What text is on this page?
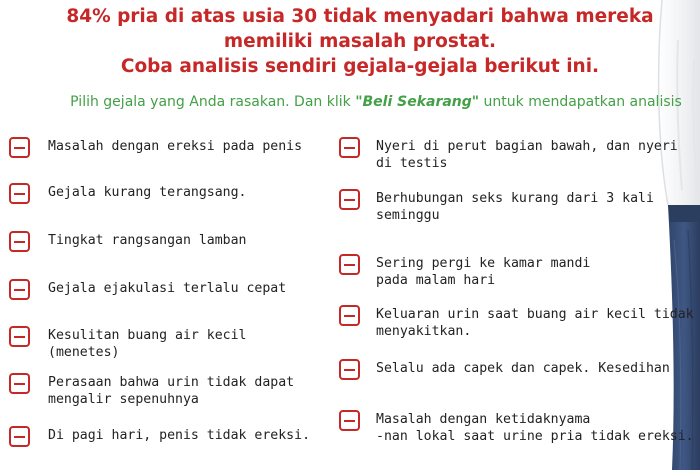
84% pria di atas usia 30 tidak menyadari bahwa mereka
memiliki masalah prostat.
Coba analisis sendiri gejala-gejala berikut ini.

Pilih gejala yang Anda rasakan. Dan klik "Beli Sekarang" untuk mendapatkan analisis

Masalah dengan ereksi pada penis
Gejala kurang terangsang.
Tingkat rangsangan lamban
Gejala ejakulasi terlalu cepat
Kesulitan buang air kecil
(menetes)
Perasaan bahwa urin tidak dapat
mengalir sepenuhnya
Di pagi hari, penis tidak ereksi.
Nyeri di perut bagian bawah, dan nyeri
di testis
Berhubungan seks kurang dari 3 kali
seminggu
Sering pergi ke kamar mandi
pada malam hari
Keluaran urin saat buang air kecil tidak
menyakitkan.
Selalu ada capek dan capek. Kesedihan
Masalah dengan ketidaknyama
-nan lokal saat urine pria tidak ereksi.
